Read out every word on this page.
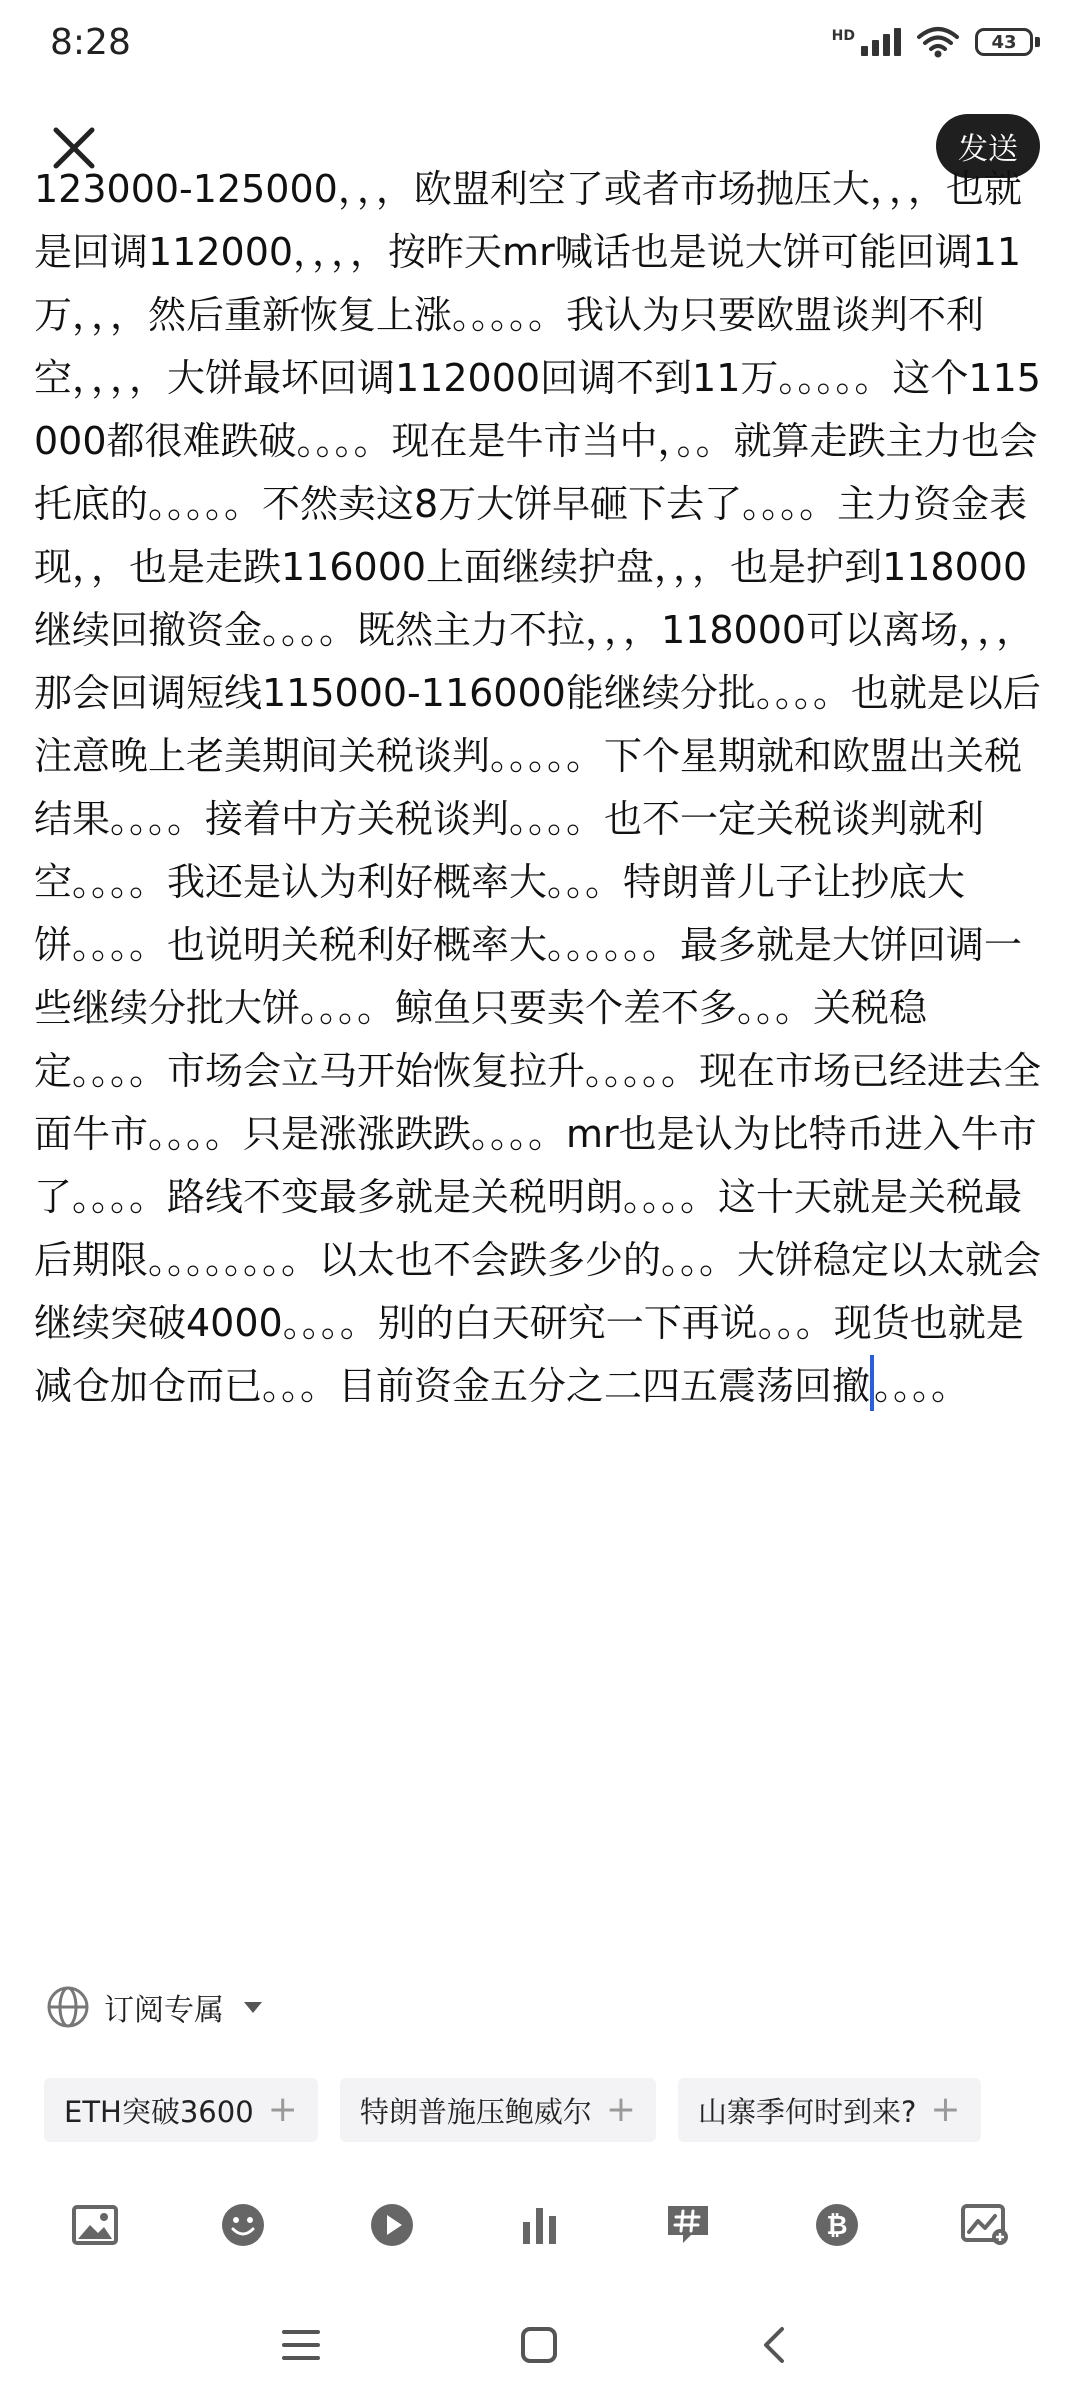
8:28	HD	43
发送
123000-125000，，，欧盟利空了或者市场抛压大，，，也就是回调112000，，，，按昨天mr喊话也是说大饼可能回调11万，，，然后重新恢复上涨。。。。。我认为只要欧盟谈判不利空，，，，大饼最坏回调112000回调不到11万。。。。。这个115000都很难跌破。。。。现在是牛市当中，。。就算走跌主力也会托底的。。。。。不然卖这8万大饼早砸下去了。。。。主力资金表现，，也是走跌116000上面继续护盘，，，也是护到118000继续回撤资金。。。。既然主力不拉，，，118000可以离场，，，那会回调短线115000-116000能继续分批。。。。也就是以后注意晚上老美期间关税谈判。。。。。下个星期就和欧盟出关税结果。。。。接着中方关税谈判。。。。也不一定关税谈判就利空。。。。我还是认为利好概率大。。。特朗普儿子让抄底大饼。。。。也说明关税利好概率大。。。。。。最多就是大饼回调一些继续分批大饼。。。。鲸鱼只要卖个差不多。。。关税稳定。。。。市场会立马开始恢复拉升。。。。。现在市场已经进去全面牛市。。。。只是涨涨跌跌。。。。mr也是认为比特币进入牛市了。。。。路线不变最多就是关税明朗。。。。这十天就是关税最后期限。。。。。。。。以太也不会跌多少的。。。大饼稳定以太就会继续突破4000。。。。别的白天研究一下再说。。。现货也就是减仓加仓而已。。。目前资金五分之二四五震荡回撤 。。。。
订阅专属
ETH突破3600 + 特朗普施压鲍威尔 + 山寨季何时到来? +
₿
